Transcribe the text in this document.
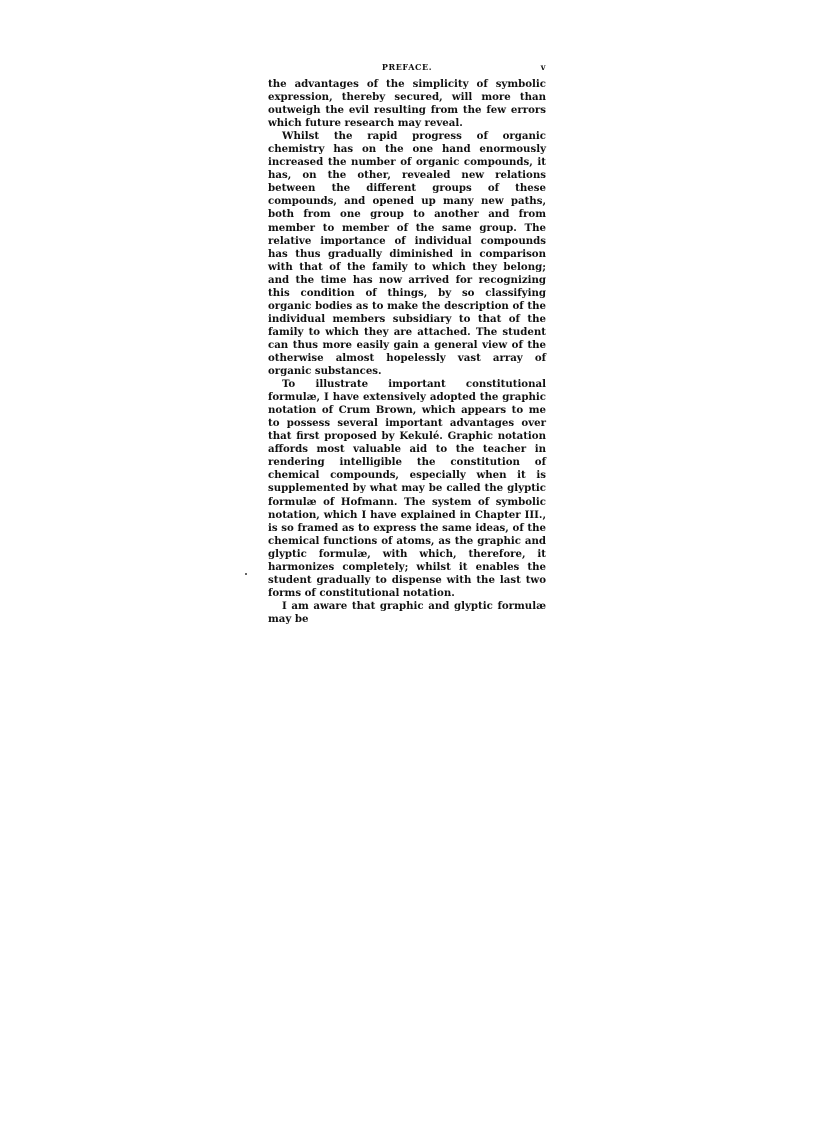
PREFACE.	v

the advantages of the simplicity of symbolic expression, thereby secured, will more than outweigh the evil resulting from the few errors which future research may reveal.

Whilst the rapid progress of organic chemistry has on the one hand enormously increased the number of organic compounds, it has, on the other, revealed new relations between the different groups of these compounds, and opened up many new paths, both from one group to another and from member to member of the same group. The relative importance of individual compounds has thus gradually diminished in comparison with that of the family to which they belong; and the time has now arrived for recognizing this condition of things, by so classifying organic bodies as to make the description of the individual members subsidiary to that of the family to which they are attached. The student can thus more easily gain a general view of the otherwise almost hopelessly vast array of organic substances.

To illustrate important constitutional formulæ, I have extensively adopted the graphic notation of Crum Brown, which appears to me to possess several important advantages over that first proposed by Kekulé. Graphic notation affords most valuable aid to the teacher in rendering intelligible the constitution of chemical compounds, especially when it is supplemented by what may be called the glyptic formulæ of Hofmann. The system of symbolic notation, which I have explained in Chapter III., is so framed as to express the same ideas, of the chemical functions of atoms, as the graphic and glyptic formulæ, with which, therefore, it harmonizes completely; whilst it enables the student gradually to dispense with the last two forms of constitutional notation.

I am aware that graphic and glyptic formulæ may be
